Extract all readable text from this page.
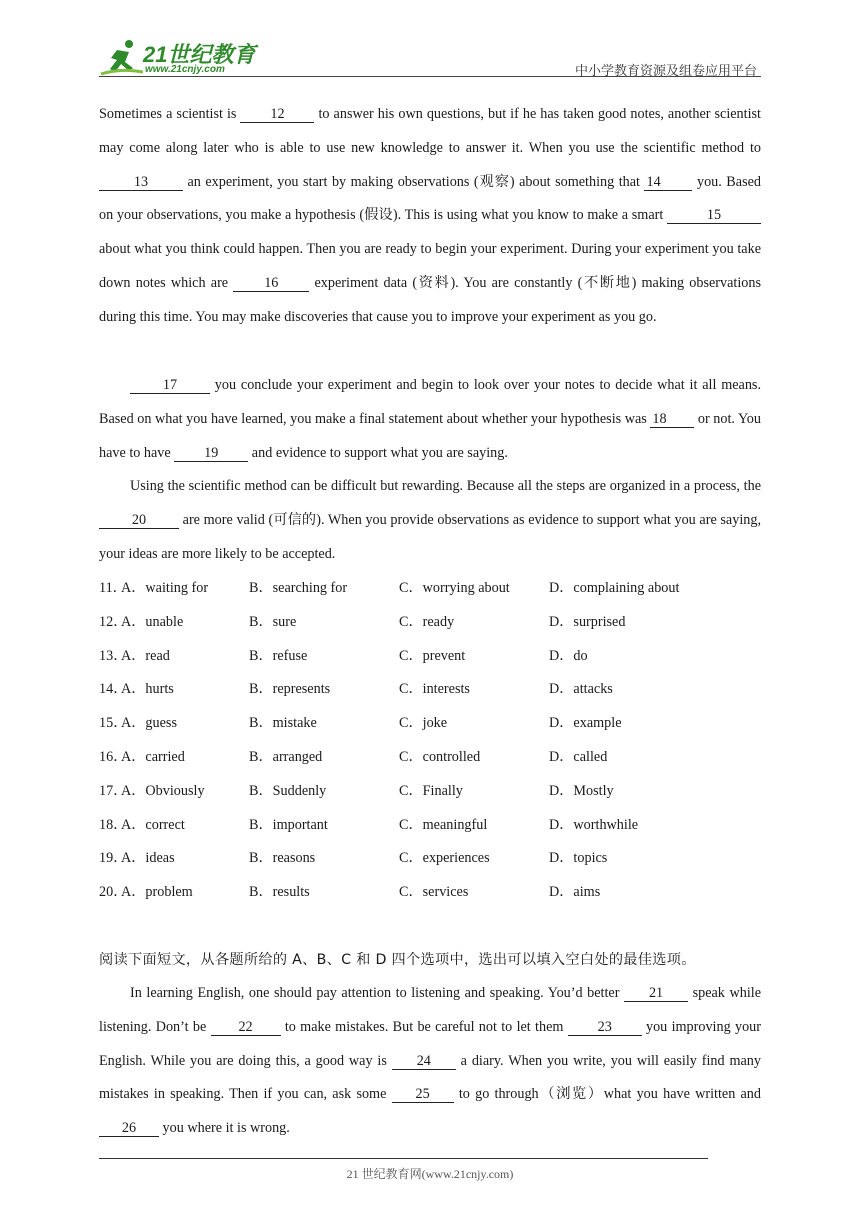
21世纪教育
www.21cnjy.com	中小学教育资源及组卷应用平台

Sometimes a scientist is 12 to answer his own questions, but if he has taken good notes, another scientist may come along later who is able to use new knowledge to answer it. When you use the scientific method to 13 an experiment, you start by making observations (观察) about something that 14 you. Based on your observations, you make a hypothesis (假设). This is using what you know to make a smart	15 about what you think could happen. Then you are ready to begin your experiment. During your experiment you take down notes which are 16 experiment data (资料). You are constantly (不断地) making observations during this time. You may make discoveries that cause you to improve your experiment as you go.

17 you conclude your experiment and begin to look over your notes to decide what it all means. Based on what you have learned, you make a final statement about whether your hypothesis was 18 or not. You have to have 19 and evidence to support what you are saying.

Using the scientific method can be difficult but rewarding. Because all the steps are organized in a process, the 20 are more valid (可信的). When you provide observations as evidence to support what you are saying, your ideas are more likely to be accepted.

11．
A．waiting for	B．searching for	C．worrying about	D．complaining about
12．
A．unable	B．sure	C．ready	D．surprised
13．
A．read	B．refuse	C．prevent	D．do
14．
A．hurts	B．represents	C．interests	D．attacks
15．
A．guess	B．mistake	C．joke	D．example
16．
A．carried	B．arranged	C．controlled	D．called
17．
A．Obviously	B．Suddenly	C．Finally	D．Mostly
18．
A．correct	B．important	C．meaningful	D．worthwhile
19．
A．ideas	B．reasons	C．experiences	D．topics
20．
A．problem	B．results	C．services	D．aims
阅读下面短文，从各题所给的 A、B、C 和 D 四个选项中，选出可以填入空白处的最佳选项。

In learning English, one should pay attention to listening and speaking. You’d better 21 speak while listening. Don’t be 22 to make mistakes. But be careful not to let them 23 you improving your English. While you are doing this, a good way is 24 a diary. When you write, you will easily find many mistakes in speaking. Then if you can, ask some 25 to go through（浏览）what you have written and 26 you where it is wrong.

21 世纪教育网(www.21cnjy.com)
